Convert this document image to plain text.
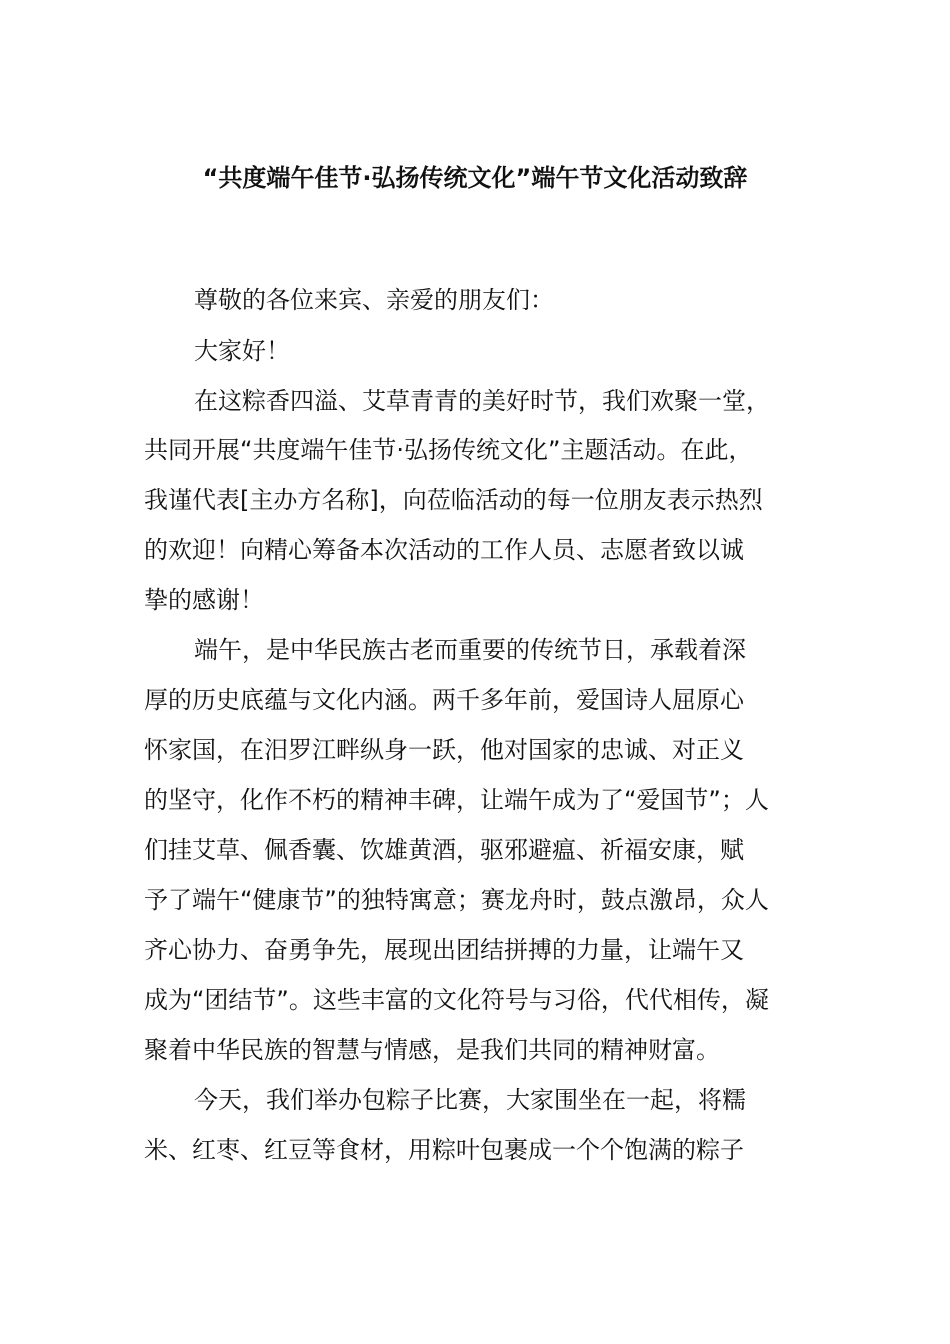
“共度端午佳节·弘扬传统文化”端午节文化活动致辞
尊敬的各位来宾、亲爱的朋友们：
大家好！
在这粽香四溢、艾草青青的美好时节，我们欢聚一堂，
共同开展“共度端午佳节·弘扬传统文化”主题活动。在此，
我谨代表[主办方名称]，向莅临活动的每一位朋友表示热烈
的欢迎！向精心筹备本次活动的工作人员、志愿者致以诚
挚的感谢！
端午，是中华民族古老而重要的传统节日，承载着深
厚的历史底蕴与文化内涵。两千多年前，爱国诗人屈原心
怀家国，在汨罗江畔纵身一跃，他对国家的忠诚、对正义
的坚守，化作不朽的精神丰碑，让端午成为了“爱国节”；人
们挂艾草、佩香囊、饮雄黄酒，驱邪避瘟、祈福安康，赋
予了端午“健康节”的独特寓意；赛龙舟时，鼓点激昂，众人
齐心协力、奋勇争先，展现出团结拼搏的力量，让端午又
成为“团结节”。这些丰富的文化符号与习俗，代代相传，凝
聚着中华民族的智慧与情感，是我们共同的精神财富。
今天，我们举办包粽子比赛，大家围坐在一起，将糯
米、红枣、红豆等食材，用粽叶包裹成一个个饱满的粽子
